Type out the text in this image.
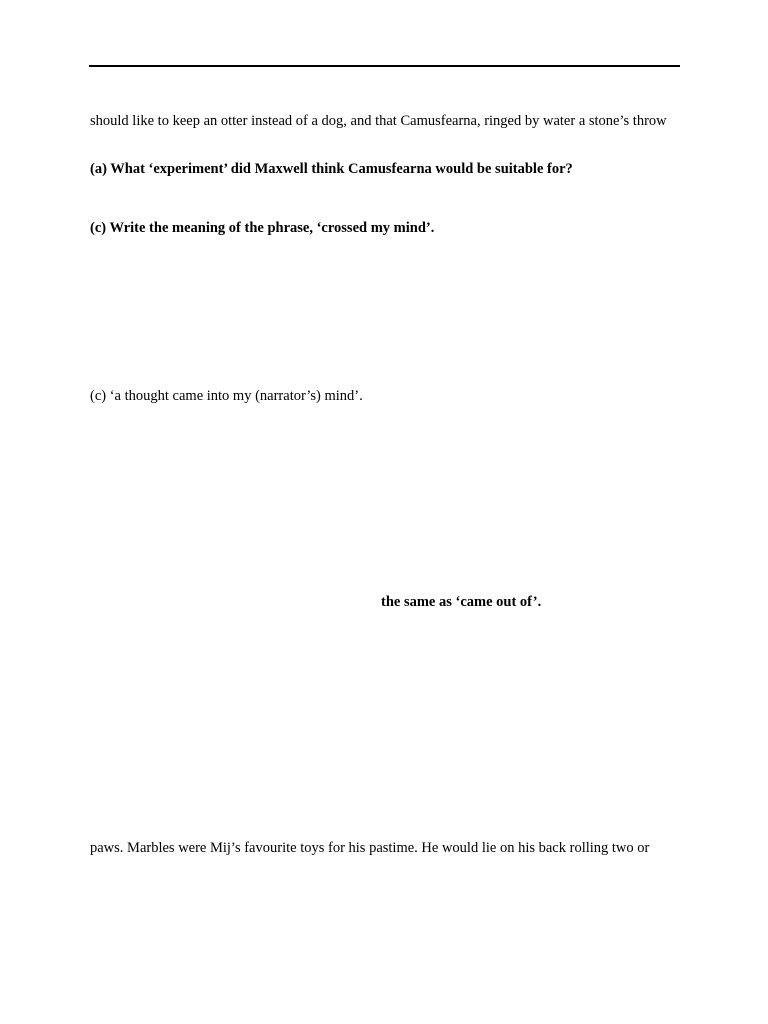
should like to keep an otter instead of a dog, and that Camusfearna, ringed by water a stone’s throw
(a) What ‘experiment’ did Maxwell think Camusfearna would be suitable for?
(c) Write the meaning of the phrase, ‘crossed my mind’.
(c) ‘a thought came into my (narrator’s) mind’.
the same as ‘came out of’.
paws. Marbles were Mij’s favourite toys for his pastime. He would lie on his back rolling two or
